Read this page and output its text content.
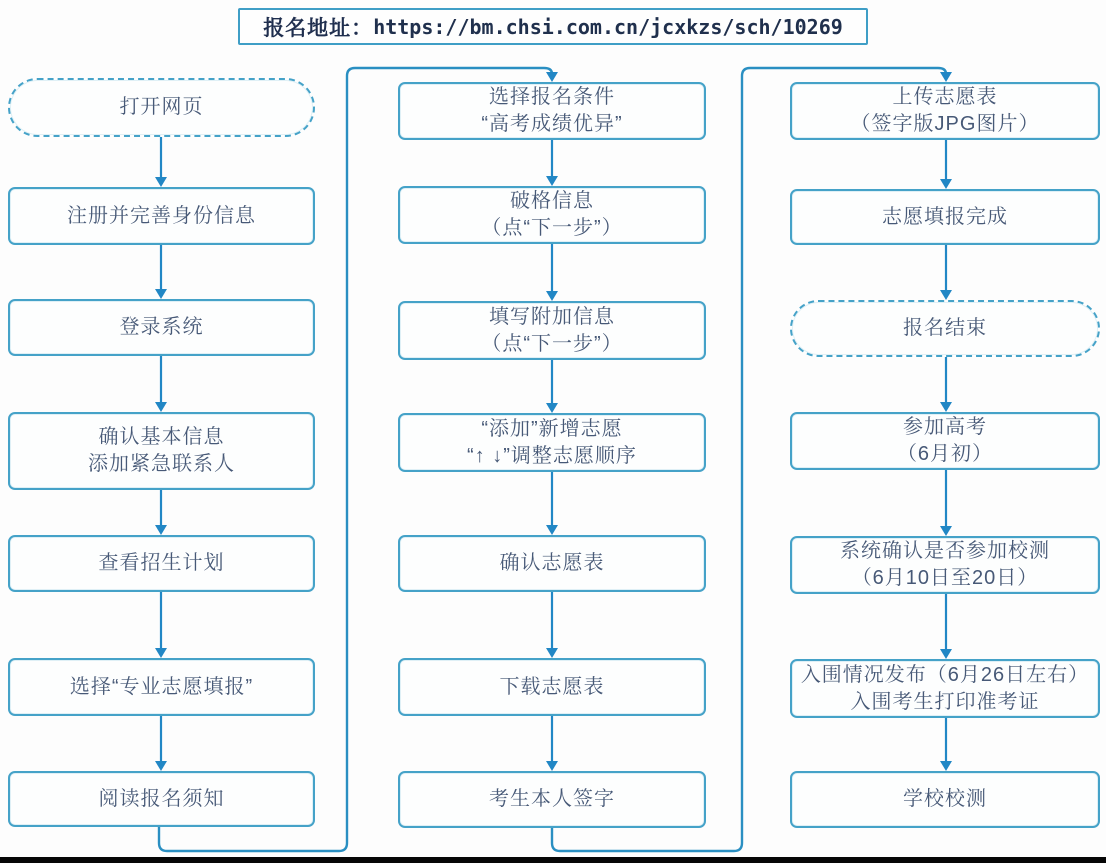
报名地址： https://bm.chsi.com.cn/jcxkzs/sch/10269
打开网页
注册并完善身份信息
登录系统
确认基本信息
添加紧急联系人
查看招生计划
选择“专业志愿填报”
阅读报名须知
选择报名条件
“高考成绩优异”
破格信息
（点“下一步”）
填写附加信息
（点“下一步”）
“添加”新增志愿
“↑ ↓”调整志愿顺序
确认志愿表
下载志愿表
考生本人签字
上传志愿表
（签字版JPG图片）
志愿填报完成
报名结束
参加高考
（6月初）
系统确认是否参加校测
（6月10日至20日）
入围情况发布（6月26日左右）
入围考生打印准考证
学校校测
